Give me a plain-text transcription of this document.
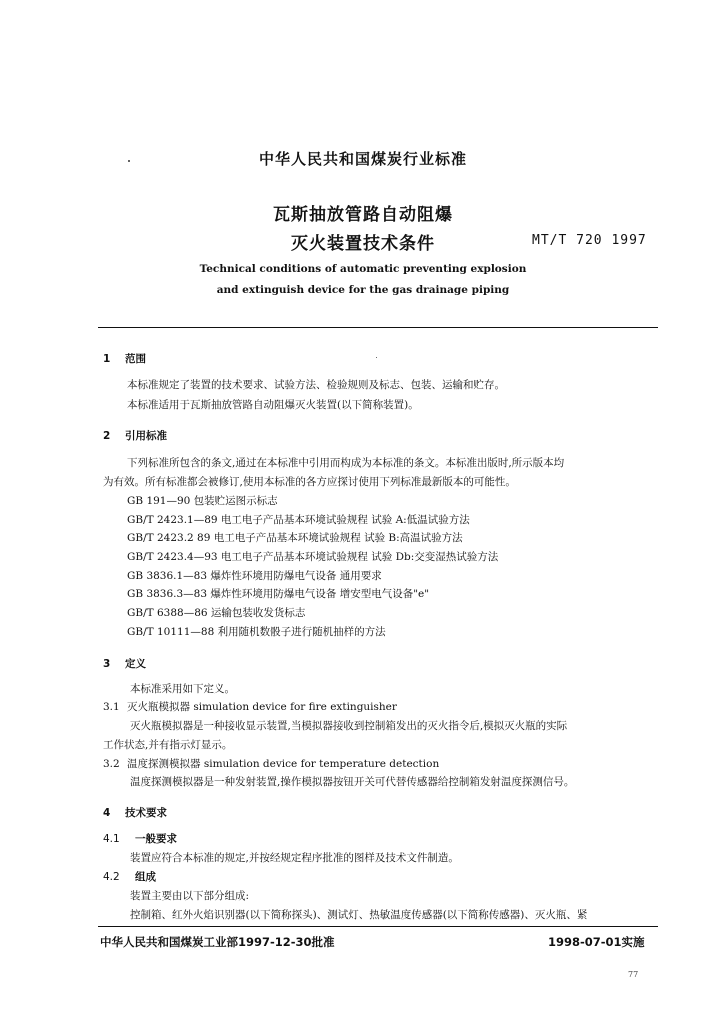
中华人民共和国煤炭行业标准
瓦斯抽放管路自动阻爆
灭火装置技术条件	MT/T 720 1997
Technical conditions of automatic preventing explosion
and extinguish device for the gas drainage piping
1 范围
本标准规定了装置的技术要求、试验方法、检验规则及标志、包装、运输和贮存。
本标准适用于瓦斯抽放管路自动阻爆灭火装置(以下简称装置)。
2 引用标准
下列标准所包含的条文,通过在本标准中引用而构成为本标准的条文。本标准出版时,所示版本均
为有效。所有标准都会被修订,使用本标准的各方应探讨使用下列标准最新版本的可能性。
GB 191—90 包装贮运图示标志
GB/T 2423.1—89 电工电子产品基本环境试验规程 试验 A:低温试验方法
GB/T 2423.2 89 电工电子产品基本环境试验规程 试验 B:高温试验方法
GB/T 2423.4—93 电工电子产品基本环境试验规程 试验 Db:交变湿热试验方法
GB 3836.1—83 爆炸性环境用防爆电气设备 通用要求
GB 3836.3—83 爆炸性环境用防爆电气设备 增安型电气设备"e"
GB/T 6388—86 运输包装收发货标志
GB/T 10111—88 利用随机数骰子进行随机抽样的方法
3 定义
本标准采用如下定义。
3.1 灭火瓶模拟器 simulation device for fire extinguisher
灭火瓶模拟器是一种接收显示装置,当模拟器接收到控制箱发出的灭火指令后,模拟灭火瓶的实际
工作状态,并有指示灯显示。
3.2 温度探测模拟器 simulation device for temperature detection
温度探测模拟器是一种发射装置,操作模拟器按钮开关可代替传感器给控制箱发射温度探测信号。
4 技术要求
4.1 一般要求
装置应符合本标准的规定,并按经规定程序批准的图样及技术文件制造。
4.2 组成
装置主要由以下部分组成:
控制箱、红外火焰识别器(以下简称探头)、测试灯、热敏温度传感器(以下简称传感器)、灭火瓶、紧
中华人民共和国煤炭工业部1997-12-30批准	1998-07-01实施
77
